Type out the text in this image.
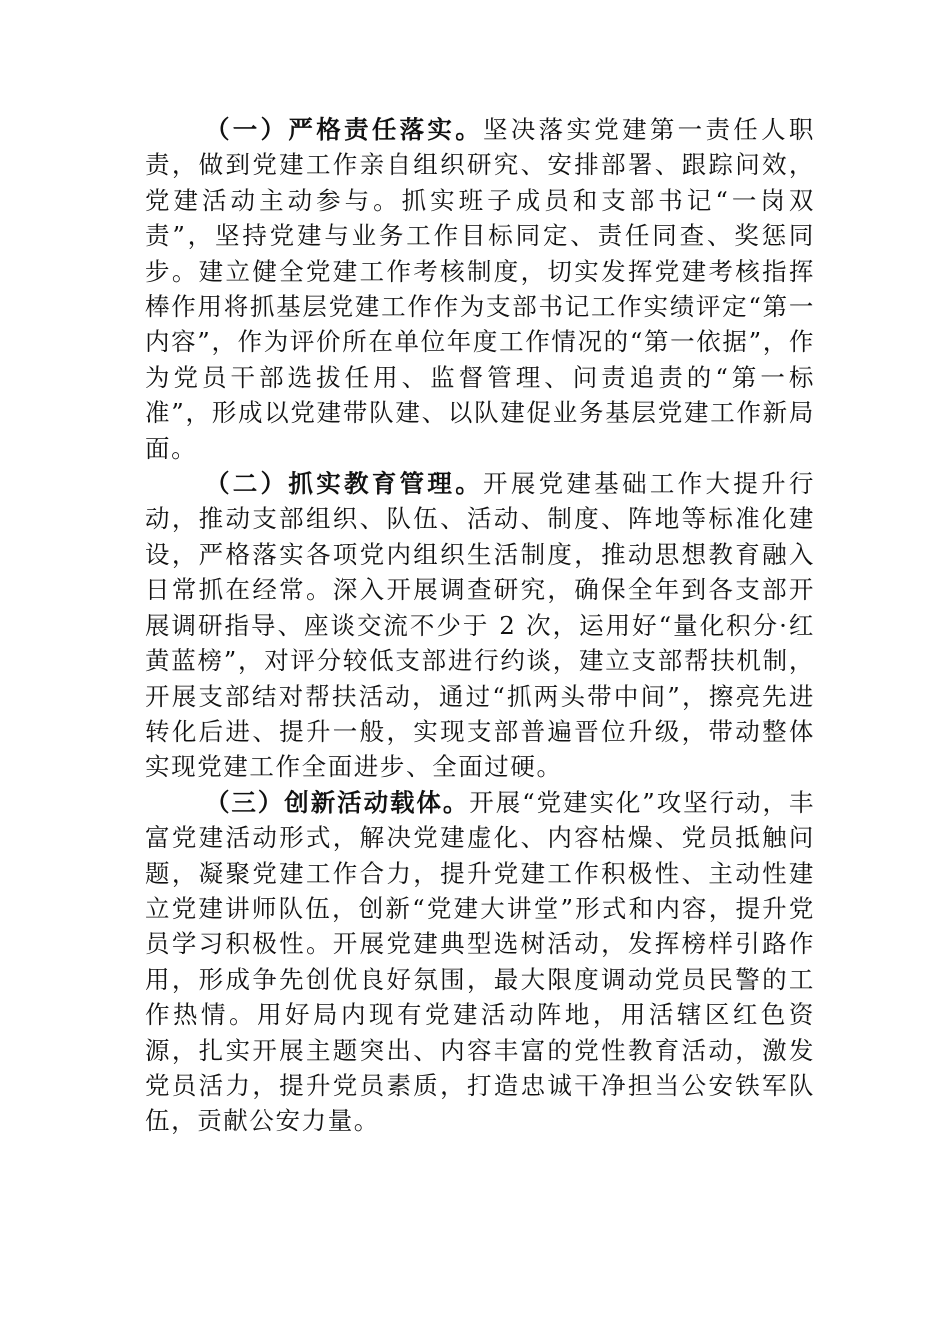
（一）严格责任落实。坚决落实党建第一责任人职责，做到党建工作亲自组织研究、安排部署、跟踪问效，党建活动主动参与。抓实班子成员和支部书记“一岗双责”，坚持党建与业务工作目标同定、责任同查、奖惩同步。建立健全党建工作考核制度，切实发挥党建考核指挥棒作用将抓基层党建工作作为支部书记工作实绩评定“第一内容”，作为评价所在单位年度工作情况的“第一依据”，作为党员干部选拔任用、监督管理、问责追责的“第一标准”，形成以党建带队建、以队建促业务基层党建工作新局面。

（二）抓实教育管理。开展党建基础工作大提升行动，推动支部组织、队伍、活动、制度、阵地等标准化建设，严格落实各项党内组织生活制度，推动思想教育融入日常抓在经常。深入开展调查研究，确保全年到各支部开展调研指导、座谈交流不少于 2 次，运用好“量化积分·红黄蓝榜”，对评分较低支部进行约谈，建立支部帮扶机制，开展支部结对帮扶活动，通过“抓两头带中间”，擦亮先进转化后进、提升一般，实现支部普遍晋位升级，带动整体实现党建工作全面进步、全面过硬。

（三）创新活动载体。开展“党建实化”攻坚行动，丰富党建活动形式，解决党建虚化、内容枯燥、党员抵触问题，凝聚党建工作合力，提升党建工作积极性、主动性建立党建讲师队伍，创新“党建大讲堂”形式和内容，提升党员学习积极性。开展党建典型选树活动，发挥榜样引路作用，形成争先创优良好氛围，最大限度调动党员民警的工作热情。用好局内现有党建活动阵地，用活辖区红色资源，扎实开展主题突出、内容丰富的党性教育活动，激发党员活力，提升党员素质，打造忠诚干净担当公安铁军队伍，贡献公安力量。
